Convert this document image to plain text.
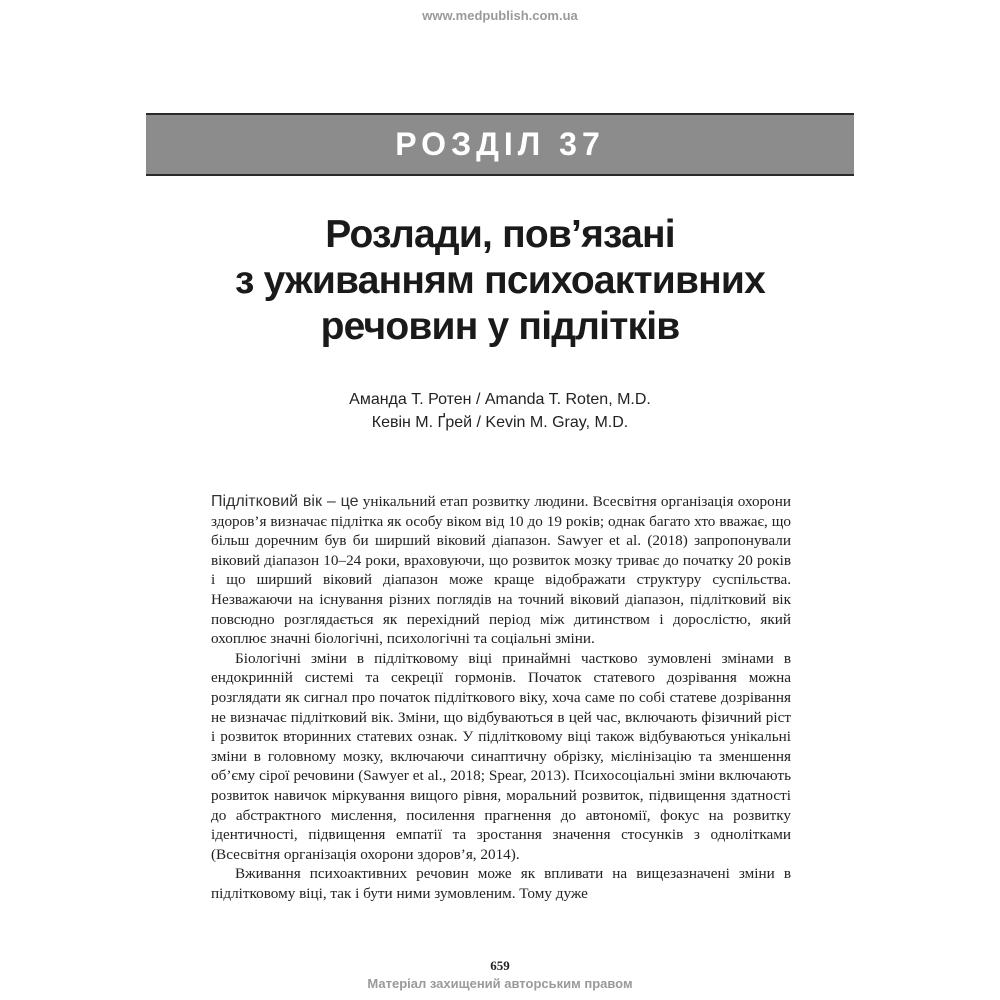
www.medpublish.com.ua
РОЗДІЛ 37
Розлади, пов’язані
з уживанням психоактивних
речовин у підлітків
Аманда Т. Ротен / Amanda T. Roten, M.D.
Кевін М. Ґрей / Kevin M. Gray, M.D.

Підлітковий вік – це унікальний етап розвитку людини. Всесвітня організація охорони здоров’я визначає підлітка як особу віком від 10 до 19 років; однак багато хто вважає, що більш доречним був би ширший віковий діапазон. Sawyer et al. (2018) запропонували віковий діапазон 10–24 роки, враховуючи, що розвиток мозку триває до початку 20 років і що ширший віковий діапазон може краще відображати структуру суспільства. Незважаючи на існування різних поглядів на точний віковий діапазон, підлітковий вік повсюдно розглядається як перехідний період між дитинством і дорослістю, який охоплює значні біологічні, психологічні та соціальні зміни.

Біологічні зміни в підлітковому віці принаймні частково зумовлені змінами в ендокринній системі та секреції гормонів. Початок статевого дозрівання можна розглядати як сигнал про початок підліткового віку, хоча саме по собі статеве дозрівання не визначає підлітковий вік. Зміни, що відбуваються в цей час, включають фізичний ріст і розвиток вторинних статевих ознак. У підлітковому віці також відбуваються унікальні зміни в головному мозку, включаючи синаптичну обрізку, мієлінізацію та зменшення об’єму сірої речовини (Sawyer et al., 2018; Spear, 2013). Психосоціальні зміни включають розвиток навичок міркування вищого рівня, моральний розвиток, підвищення здатності до абстрактного мислення, посилення прагнення до автономії, фокус на розвитку ідентичності, підвищення емпатії та зростання значення стосунків з однолітками (Всесвітня організація охорони здоров’я, 2014).

Вживання психоактивних речовин може як впливати на вищезазначені зміни в підлітковому віці, так і бути ними зумовленим. Тому дуже

659
Матеріал захищений авторським правом
